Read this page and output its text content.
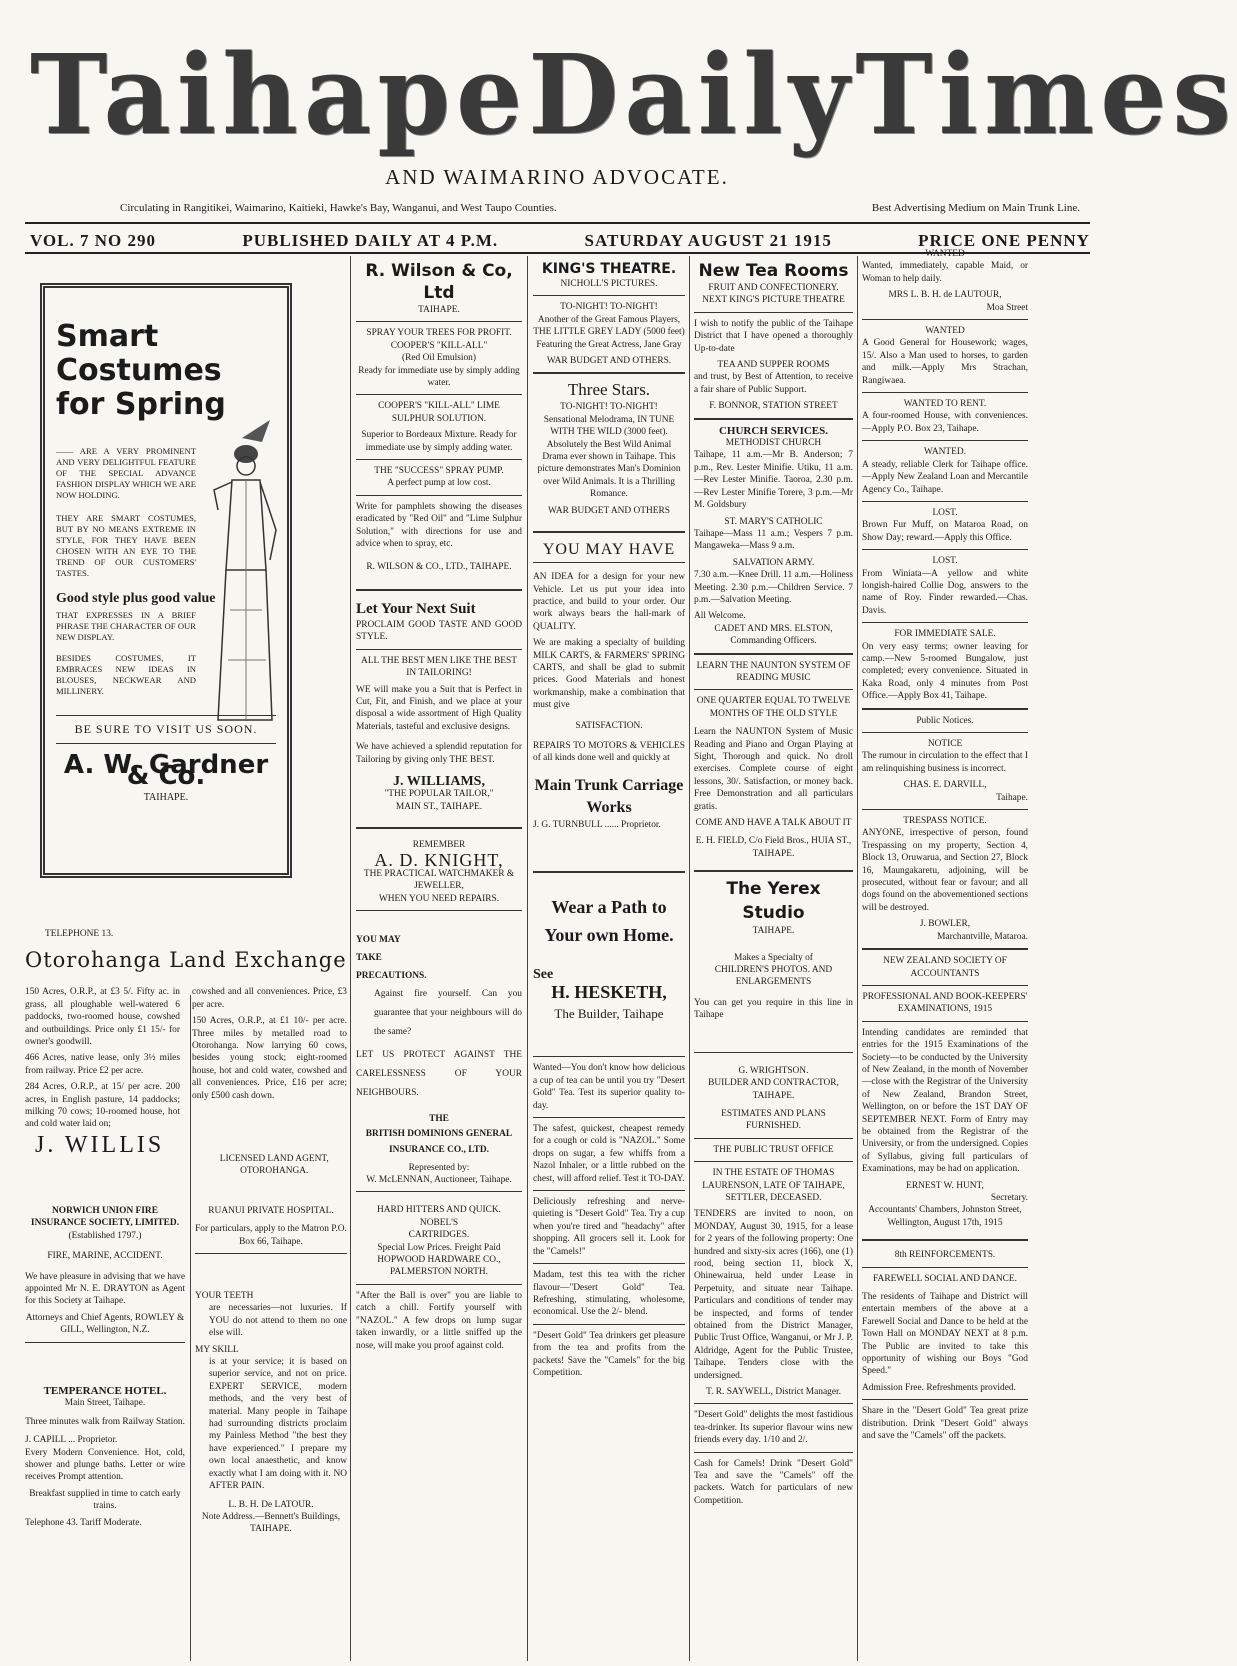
Taihape Daily Times
AND WAIMARINO ADVOCATE.
Circulating in Rangitikei, Waimarino, Kaitieki, Hawke's Bay, Wanganui, and West Taupo Counties.	Best Advertising Medium on Main Trunk Line.
VOL. 7 NO 290	PUBLISHED DAILY AT 4 P.M.	SATURDAY AUGUST 21 1915	PRICE ONE PENNY
Smart Costumes for Spring

—— ARE A VERY PROMINENT AND VERY DELIGHTFUL FEATURE OF THE SPECIAL ADVANCE FASHION DISPLAY WHICH WE ARE NOW HOLDING.

THEY ARE SMART COSTUMES, BUT BY NO MEANS EXTREME IN STYLE, FOR THEY HAVE BEEN CHOSEN WITH AN EYE TO THE TREND OF OUR CUSTOMERS' TASTES.

Good style plus good value

THAT EXPRESSES IN A BRIEF PHRASE THE CHARACTER OF OUR NEW DISPLAY.

BESIDES COSTUMES, IT EMBRACES NEW IDEAS IN BLOUSES, NECKWEAR AND MILLINERY.

BE SURE TO VISIT US SOON.
A. W. Gardner & Co.
TAIHAPE.
TELEPHONE 13.
Otorohanga Land Exchange

150 Acres, O.R.P., at £3 5/. Fifty ac. in grass, all ploughable well-watered 6 paddocks, two-roomed house, cowshed and outbuildings. Price only £1 15/- for owner's goodwill.

466 Acres, native lease, only 3½ miles from railway. Price £2 per acre.

284 Acres, O.R.P., at 15/ per acre. 200 acres, in English pasture, 14 paddocks; milking 70 cows; 10-roomed house, hot and cold water laid on;

cowshed and all conveniences. Price, £3 per acre.

150 Acres, O.R.P., at £1 10/- per acre. Three miles by metalled road to Otorohanga. Now larrying 60 cows, besides young stock; eight-roomed house, hot and cold water, cowshed and all conveniences. Price, £16 per acre; only £500 cash down.

J. WILLIS
LICENSED LAND AGENT, OTOROHANGA.
NORWICH UNION FIRE INSURANCE SOCIETY, LIMITED.
(Established 1797.)
FIRE, MARINE, ACCIDENT.

We have pleasure in advising that we have appointed Mr N. E. DRAYTON as Agent for this Society at Taihape.

Attorneys and Chief Agents, ROWLEY & GILL, Wellington, N.Z.

TEMPERANCE HOTEL.
Main Street, Taihape.
Three minutes walk from Railway Station.
J. CAPILL ... Proprietor.

Every Modern Convenience. Hot, cold, shower and plunge baths. Letter or wire receives Prompt attention.

Breakfast supplied in time to catch early trains.

Telephone 43. Tariff Moderate.
RUANUI PRIVATE HOSPITAL.

For particulars, apply to the Matron P.O. Box 66, Taihape.

YOUR TEETH

are necessaries—not luxuries. If YOU do not attend to them no one else will.

MY SKILL

is at your service; it is based on superior service, and not on price. EXPERT SERVICE, modern methods, and the very best of material. Many people in Taihape had surrounding districts proclaim my Painless Method "the best they have experienced." I prepare my own local anaesthetic, and know exactly what I am doing with it. NO AFTER PAIN.

L. B. H. De LATOUR.
Note Address.—Bennett's Buildings, TAIHAPE.
R. Wilson & Co, Ltd
TAIHAPE.
SPRAY YOUR TREES FOR PROFIT.
COOPER'S "KILL-ALL"
(Red Oil Emulsion)

Ready for immediate use by simply adding water.

COOPER'S "KILL-ALL" LIME SULPHUR SOLUTION.

Superior to Bordeaux Mixture. Ready for immediate use by simply adding water.

THE "SUCCESS" SPRAY PUMP.

A perfect pump at low cost.

Write for pamphlets showing the diseases eradicated by "Red Oil" and "Lime Sulphur Solution," with directions for use and advice when to spray, etc.

R. WILSON & CO., LTD., TAIHAPE.

Let Your Next Suit

PROCLAIM GOOD TASTE AND GOOD STYLE.

ALL THE BEST MEN LIKE THE BEST IN TAILORING!

WE will make you a Suit that is Perfect in Cut, Fit, and Finish, and we place at your disposal a wide assortment of High Quality Materials, tasteful and exclusive designs.

We have achieved a splendid reputation for Tailoring by giving only THE BEST.

J. WILLIAMS,
"THE POPULAR TAILOR,"
MAIN ST., TAIHAPE.
REMEMBER
A. D. KNIGHT,
THE PRACTICAL WATCHMAKER & JEWELLER,
WHEN YOU NEED REPAIRS.
YOU MAY
TAKE
PRECAUTIONS.

Against fire yourself. Can you guarantee that your neighbours will do the same?

LET US PROTECT AGAINST THE CARELESSNESS OF YOUR NEIGHBOURS.

THE
BRITISH DOMINIONS GENERAL INSURANCE CO., LTD.
Represented by:
W. McLENNAN, Auctioneer, Taihape.
HARD HITTERS AND QUICK.
NOBEL'S
CARTRIDGES.
Special Low Prices. Freight Paid
HOPWOOD HARDWARE CO., PALMERSTON NORTH.

"After the Ball is over" you are liable to catch a chill. Fortify yourself with "NAZOL." A few drops on lump sugar taken inwardly, or a little sniffed up the nose, will make you proof against cold.

KING'S THEATRE.
NICHOLL'S PICTURES.
TO-NIGHT! TO-NIGHT!

Another of the Great Famous Players, THE LITTLE GREY LADY (5000 feet) Featuring the Great Actress, Jane Gray

WAR BUDGET AND OTHERS.
Three Stars.
TO-NIGHT! TO-NIGHT!

Sensational Melodrama, IN TUNE WITH THE WILD (3000 feet). Absolutely the Best Wild Animal Drama ever shown in Taihape. This picture demonstrates Man's Dominion over Wild Animals. It is a Thrilling Romance.

WAR BUDGET AND OTHERS
YOU MAY HAVE

AN IDEA for a design for your new Vehicle. Let us put your idea into practice, and build to your order. Our work always bears the hall-mark of QUALITY.

We are making a specialty of building MILK CARTS, & FARMERS' SPRING CARTS, and shall be glad to submit prices. Good Materials and honest workmanship, make a combination that must give

SATISFACTION.

REPAIRS TO MOTORS & VEHICLES of all kinds done well and quickly at

Main Trunk Carriage Works
J. G. TURNBULL ...... Proprietor.
Wear a Path to Your own Home.
See
H. HESKETH,
The Builder, Taihape

Wanted—You don't know how delicious a cup of tea can be until you try "Desert Gold" Tea. Test its superior quality to-day.

The safest, quickest, cheapest remedy for a cough or cold is "NAZOL." Some drops on sugar, a few whiffs from a Nazol Inhaler, or a little rubbed on the chest, will afford relief. Test it TO-DAY.

Deliciously refreshing and nerve-quieting is "Desert Gold" Tea. Try a cup when you're tired and "headachy" after shopping. All grocers sell it. Look for the "Camels!"

Madam, test this tea with the richer flavour—"Desert Gold" Tea. Refreshing, stimulating, wholesome, economical. Use the 2/- blend.

"Desert Gold" Tea drinkers get pleasure from the tea and profits from the packets! Save the "Camels" for the big Competition.

New Tea Rooms
FRUIT AND CONFECTIONERY.
NEXT KING'S PICTURE THEATRE

I wish to notify the public of the Taihape District that I have opened a thoroughly Up-to-date

TEA AND SUPPER ROOMS

and trust, by Best of Attention, to receive a fair share of Public Support.

F. BONNOR, STATION STREET
CHURCH SERVICES.
METHODIST CHURCH

Taihape, 11 a.m.—Mr B. Anderson; 7 p.m., Rev. Lester Minifie. Utiku, 11 a.m.—Rev Lester Minifie. Taoroa, 2.30 p.m.—Rev Lester Minifie Torere, 3 p.m.—Mr M. Goldsbury

ST. MARY'S CATHOLIC

Taihape—Mass 11 a.m.; Vespers 7 p.m. Mangaweka—Mass 9 a.m.

SALVATION ARMY.

7.30 a.m.—Knee Drill. 11 a.m.—Holiness Meeting. 2.30 p.m.—Children Service. 7 p.m.—Salvation Meeting.

All Welcome.

CADET AND MRS. ELSTON, Commanding Officers.

LEARN THE NAUNTON SYSTEM OF READING MUSIC
ONE QUARTER EQUAL TO TWELVE MONTHS OF THE OLD STYLE

Learn the NAUNTON System of Music Reading and Piano and Organ Playing at Sight, Thorough and quick. No droll exercises. Complete course of eight lessons, 30/. Satisfaction, or money back. Free Demonstration and all particulars gratis.

COME AND HAVE A TALK ABOUT IT

E. H. FIELD, C/o Field Bros., HUIA ST., TAIHAPE.

The Yerex Studio
TAIHAPE.

Makes a Specialty of CHILDREN'S PHOTOS. AND ENLARGEMENTS

You can get you require in this line in Taihape

G. WRIGHTSON.
BUILDER AND CONTRACTOR, TAIHAPE.
ESTIMATES AND PLANS FURNISHED.
THE PUBLIC TRUST OFFICE

IN THE ESTATE OF THOMAS LAURENSON, LATE OF TAIHAPE, SETTLER, DECEASED.

TENDERS are invited to noon, on MONDAY, August 30, 1915, for a lease for 2 years of the following property: One hundred and sixty-six acres (166), one (1) rood, being section 11, block X, Ohinewairua, held under Lease in Perpetuity, and situate near Taihape. Particulars and conditions of tender may be inspected, and forms of tender obtained from the District Manager, Public Trust Office, Wanganui, or Mr J. P. Aldridge, Agent for the Public Trustee, Taihape. Tenders close with the undersigned.

T. R. SAYWELL, District Manager.

"Desert Gold" delights the most fastidious tea-drinker. Its superior flavour wins new friends every day. 1/10 and 2/.

Cash for Camels! Drink "Desert Gold" Tea and save the "Camels" off the packets. Watch for particulars of new Competition.

WANTED

Wanted, immediately, capable Maid, or Woman to help daily.

MRS L. B. H. de LAUTOUR,
Moa Street
WANTED

A Good General for Housework; wages, 15/. Also a Man used to horses, to garden and milk.—Apply Mrs Strachan, Rangiwaea.

WANTED TO RENT.

A four-roomed House, with conveniences.—Apply P.O. Box 23, Taihape.

WANTED.

A steady, reliable Clerk for Taihape office.—Apply New Zealand Loan and Mercantile Agency Co., Taihape.

LOST.

Brown Fur Muff, on Mataroa Road, on Show Day; reward.—Apply this Office.

LOST.

From Winiata—A yellow and white longish-haired Collie Dog, answers to the name of Roy. Finder rewarded.—Chas. Davis.

FOR IMMEDIATE SALE.

On very easy terms; owner leaving for camp.—New 5-roomed Bungalow, just completed; every convenience. Situated in Kaka Road, only 4 minutes from Post Office.—Apply Box 41, Taihape.

Public Notices.
NOTICE

The rumour in circulation to the effect that I am relinquishing business is incorrect.

CHAS. E. DARVILL,
Taihape.
TRESPASS NOTICE.

ANYONE, irrespective of person, found Trespassing on my property, Section 4, Block 13, Oruwarua, and Section 27, Block 16, Maungakaretu, adjoining, will be prosecuted, without fear or favour; and all dogs found on the abovementioned sections will be destroyed.

J. BOWLER,
Marchantville, Mataroa.
NEW ZEALAND SOCIETY OF ACCOUNTANTS
PROFESSIONAL AND BOOK-KEEPERS' EXAMINATIONS, 1915

Intending candidates are reminded that entries for the 1915 Examinations of the Society—to be conducted by the University of New Zealand, in the month of November—close with the Registrar of the University of New Zealand, Brandon Street, Wellington, on or before the 1ST DAY OF SEPTEMBER NEXT. Form of Entry may be obtained from the Registrar of the University, or from the undersigned. Copies of Syllabus, giving full particulars of Examinations, may be had on application.

ERNEST W. HUNT,
Secretary.

Accountants' Chambers, Johnston Street, Wellington, August 17th, 1915

8th REINFORCEMENTS.
FAREWELL SOCIAL AND DANCE.

The residents of Taihape and District will entertain members of the above at a Farewell Social and Dance to be held at the Town Hall on MONDAY NEXT at 8 p.m. The Public are invited to take this opportunity of wishing our Boys "God Speed."

Admission Free. Refreshments provided.

Share in the "Desert Gold" Tea great prize distribution. Drink "Desert Gold" always and save the "Camels" off the packets.
